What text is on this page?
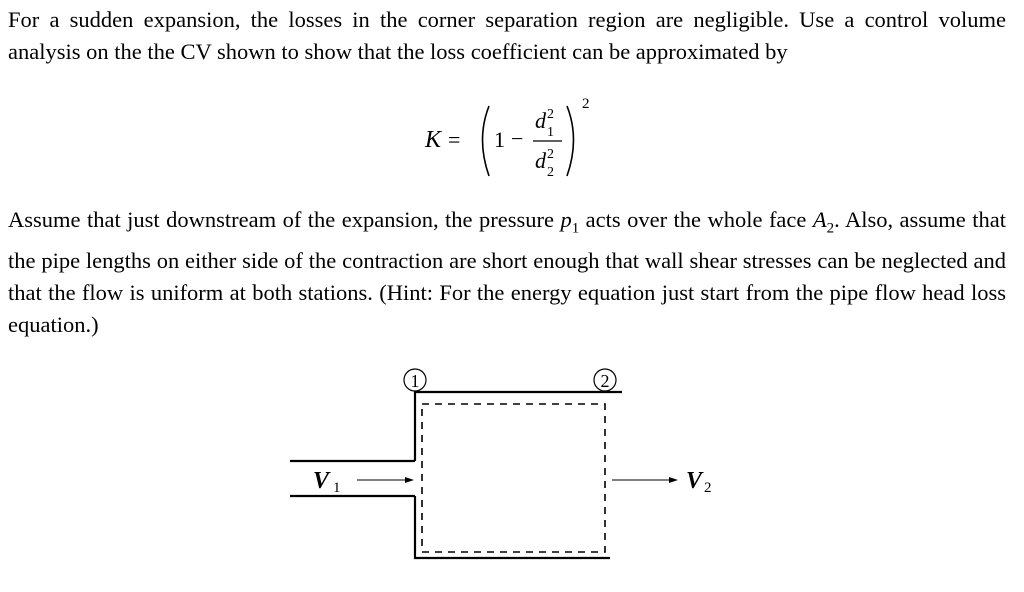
For a sudden expansion, the losses in the corner separation region are negligible. Use a control volume analysis on the the CV shown to show that the loss coefficient can be approximated by

K = 1 −
d 2
1
d 2
2
2

Assume that just downstream of the expansion, the pressure $p_1$ acts over the whole face $A_2$. Also, assume that the pipe lengths on either side of the contraction are short enough that wall shear stresses can be neglected and that the flow is uniform at both stations. (Hint: For the energy equation just start from the pipe flow head loss equation.)

1	2
V 1	V 2
